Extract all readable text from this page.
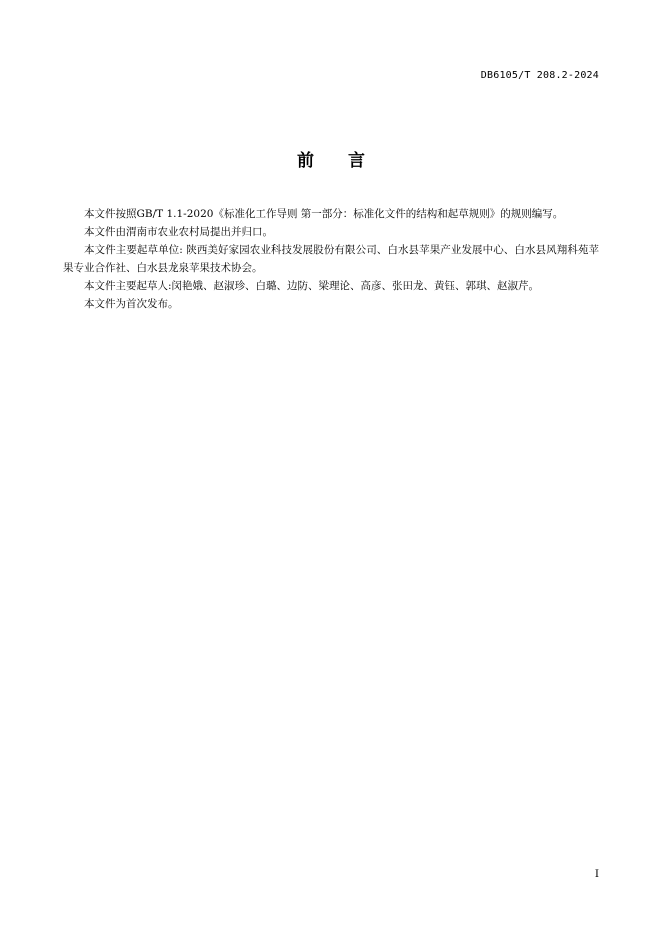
DB6105/T 208.2-2024
前　　言

本文件按照GB/T 1.1-2020《标准化工作导则 第一部分：标准化文件的结构和起草规则》的规则编写。

本文件由渭南市农业农村局提出并归口。

本文件主要起草单位: 陕西美好家园农业科技发展股份有限公司、白水县苹果产业发展中心、白水县风翔科苑苹果专业合作社、白水县龙泉苹果技术协会。

本文件主要起草人:闵艳娥、赵淑珍、白璐、边防、梁理论、高彦、张田龙、黄钰、郭琪、赵淑芹。

本文件为首次发布。

I
